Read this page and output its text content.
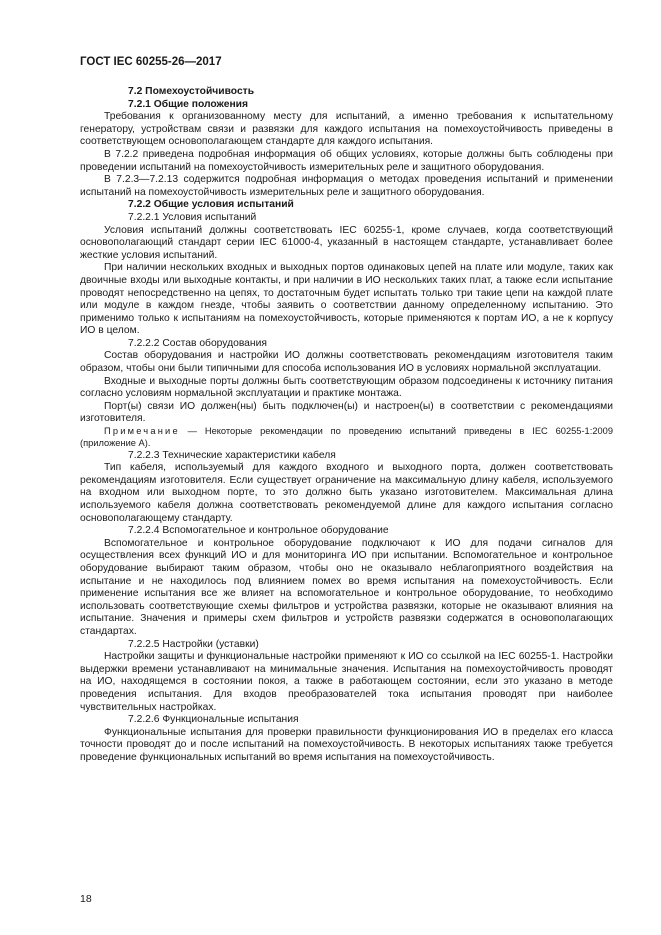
ГОСТ IEC 60255-26—2017

7.2 Помехоустойчивость

7.2.1 Общие положения

Требования к организованному месту для испытаний, а именно требования к испытательному генератору, устройствам связи и развязки для каждого испытания на помехоустойчивость приведены в соответствующем основополагающем стандарте для каждого испытания.

В 7.2.2 приведена подробная информация об общих условиях, которые должны быть соблюдены при проведении испытаний на помехоустойчивость измерительных реле и защитного оборудования.

В 7.2.3—7.2.13 содержится подробная информация о методах проведения испытаний и применении испытаний на помехоустойчивость измерительных реле и защитного оборудования.

7.2.2 Общие условия испытаний

7.2.2.1 Условия испытаний

Условия испытаний должны соответствовать IEC 60255-1, кроме случаев, когда соответствующий основополагающий стандарт серии IEC 61000-4, указанный в настоящем стандарте, устанавливает более жесткие условия испытаний.

При наличии нескольких входных и выходных портов одинаковых цепей на плате или модуле, таких как двоичные входы или выходные контакты, и при наличии в ИО нескольких таких плат, а также если испытание проводят непосредственно на цепях, то достаточным будет испытать только три такие цепи на каждой плате или модуле в каждом гнезде, чтобы заявить о соответствии данному определенному испытанию. Это применимо только к испытаниям на помехоустойчивость, которые применяются к портам ИО, а не к корпусу ИО в целом.

7.2.2.2 Состав оборудования

Состав оборудования и настройки ИО должны соответствовать рекомендациям изготовителя таким образом, чтобы они были типичными для способа использования ИО в условиях нормальной эксплуатации.

Входные и выходные порты должны быть соответствующим образом подсоединены к источнику питания согласно условиям нормальной эксплуатации и практике монтажа.

Порт(ы) связи ИО должен(ны) быть подключен(ы) и настроен(ы) в соответствии с рекомендациями изготовителя.

Примечание — Некоторые рекомендации по проведению испытаний приведены в IEC 60255-1:2009 (приложение А).

7.2.2.3 Технические характеристики кабеля

Тип кабеля, используемый для каждого входного и выходного порта, должен соответствовать рекомендациям изготовителя. Если существует ограничение на максимальную длину кабеля, используемого на входном или выходном порте, то это должно быть указано изготовителем. Максимальная длина используемого кабеля должна соответствовать рекомендуемой длине для каждого испытания согласно основополагающему стандарту.

7.2.2.4 Вспомогательное и контрольное оборудование

Вспомогательное и контрольное оборудование подключают к ИО для подачи сигналов для осуществления всех функций ИО и для мониторинга ИО при испытании. Вспомогательное и контрольное оборудование выбирают таким образом, чтобы оно не оказывало неблагоприятного воздействия на испытание и не находилось под влиянием помех во время испытания на помехоустойчивость. Если применение испытания все же влияет на вспомогательное и контрольное оборудование, то необходимо использовать соответствующие схемы фильтров и устройства развязки, которые не оказывают влияния на испытание. Значения и примеры схем фильтров и устройств развязки содержатся в основополагающих стандартах.

7.2.2.5 Настройки (уставки)

Настройки защиты и функциональные настройки применяют к ИО со ссылкой на IEC 60255-1. Настройки выдержки времени устанавливают на минимальные значения. Испытания на помехоустойчивость проводят на ИО, находящемся в состоянии покоя, а также в работающем состоянии, если это указано в методе проведения испытания. Для входов преобразователей тока испытания проводят при наиболее чувствительных настройках.

7.2.2.6 Функциональные испытания

Функциональные испытания для проверки правильности функционирования ИО в пределах его класса точности проводят до и после испытаний на помехоустойчивость. В некоторых испытаниях также требуется проведение функциональных испытаний во время испытания на помехоустойчивость.

18
